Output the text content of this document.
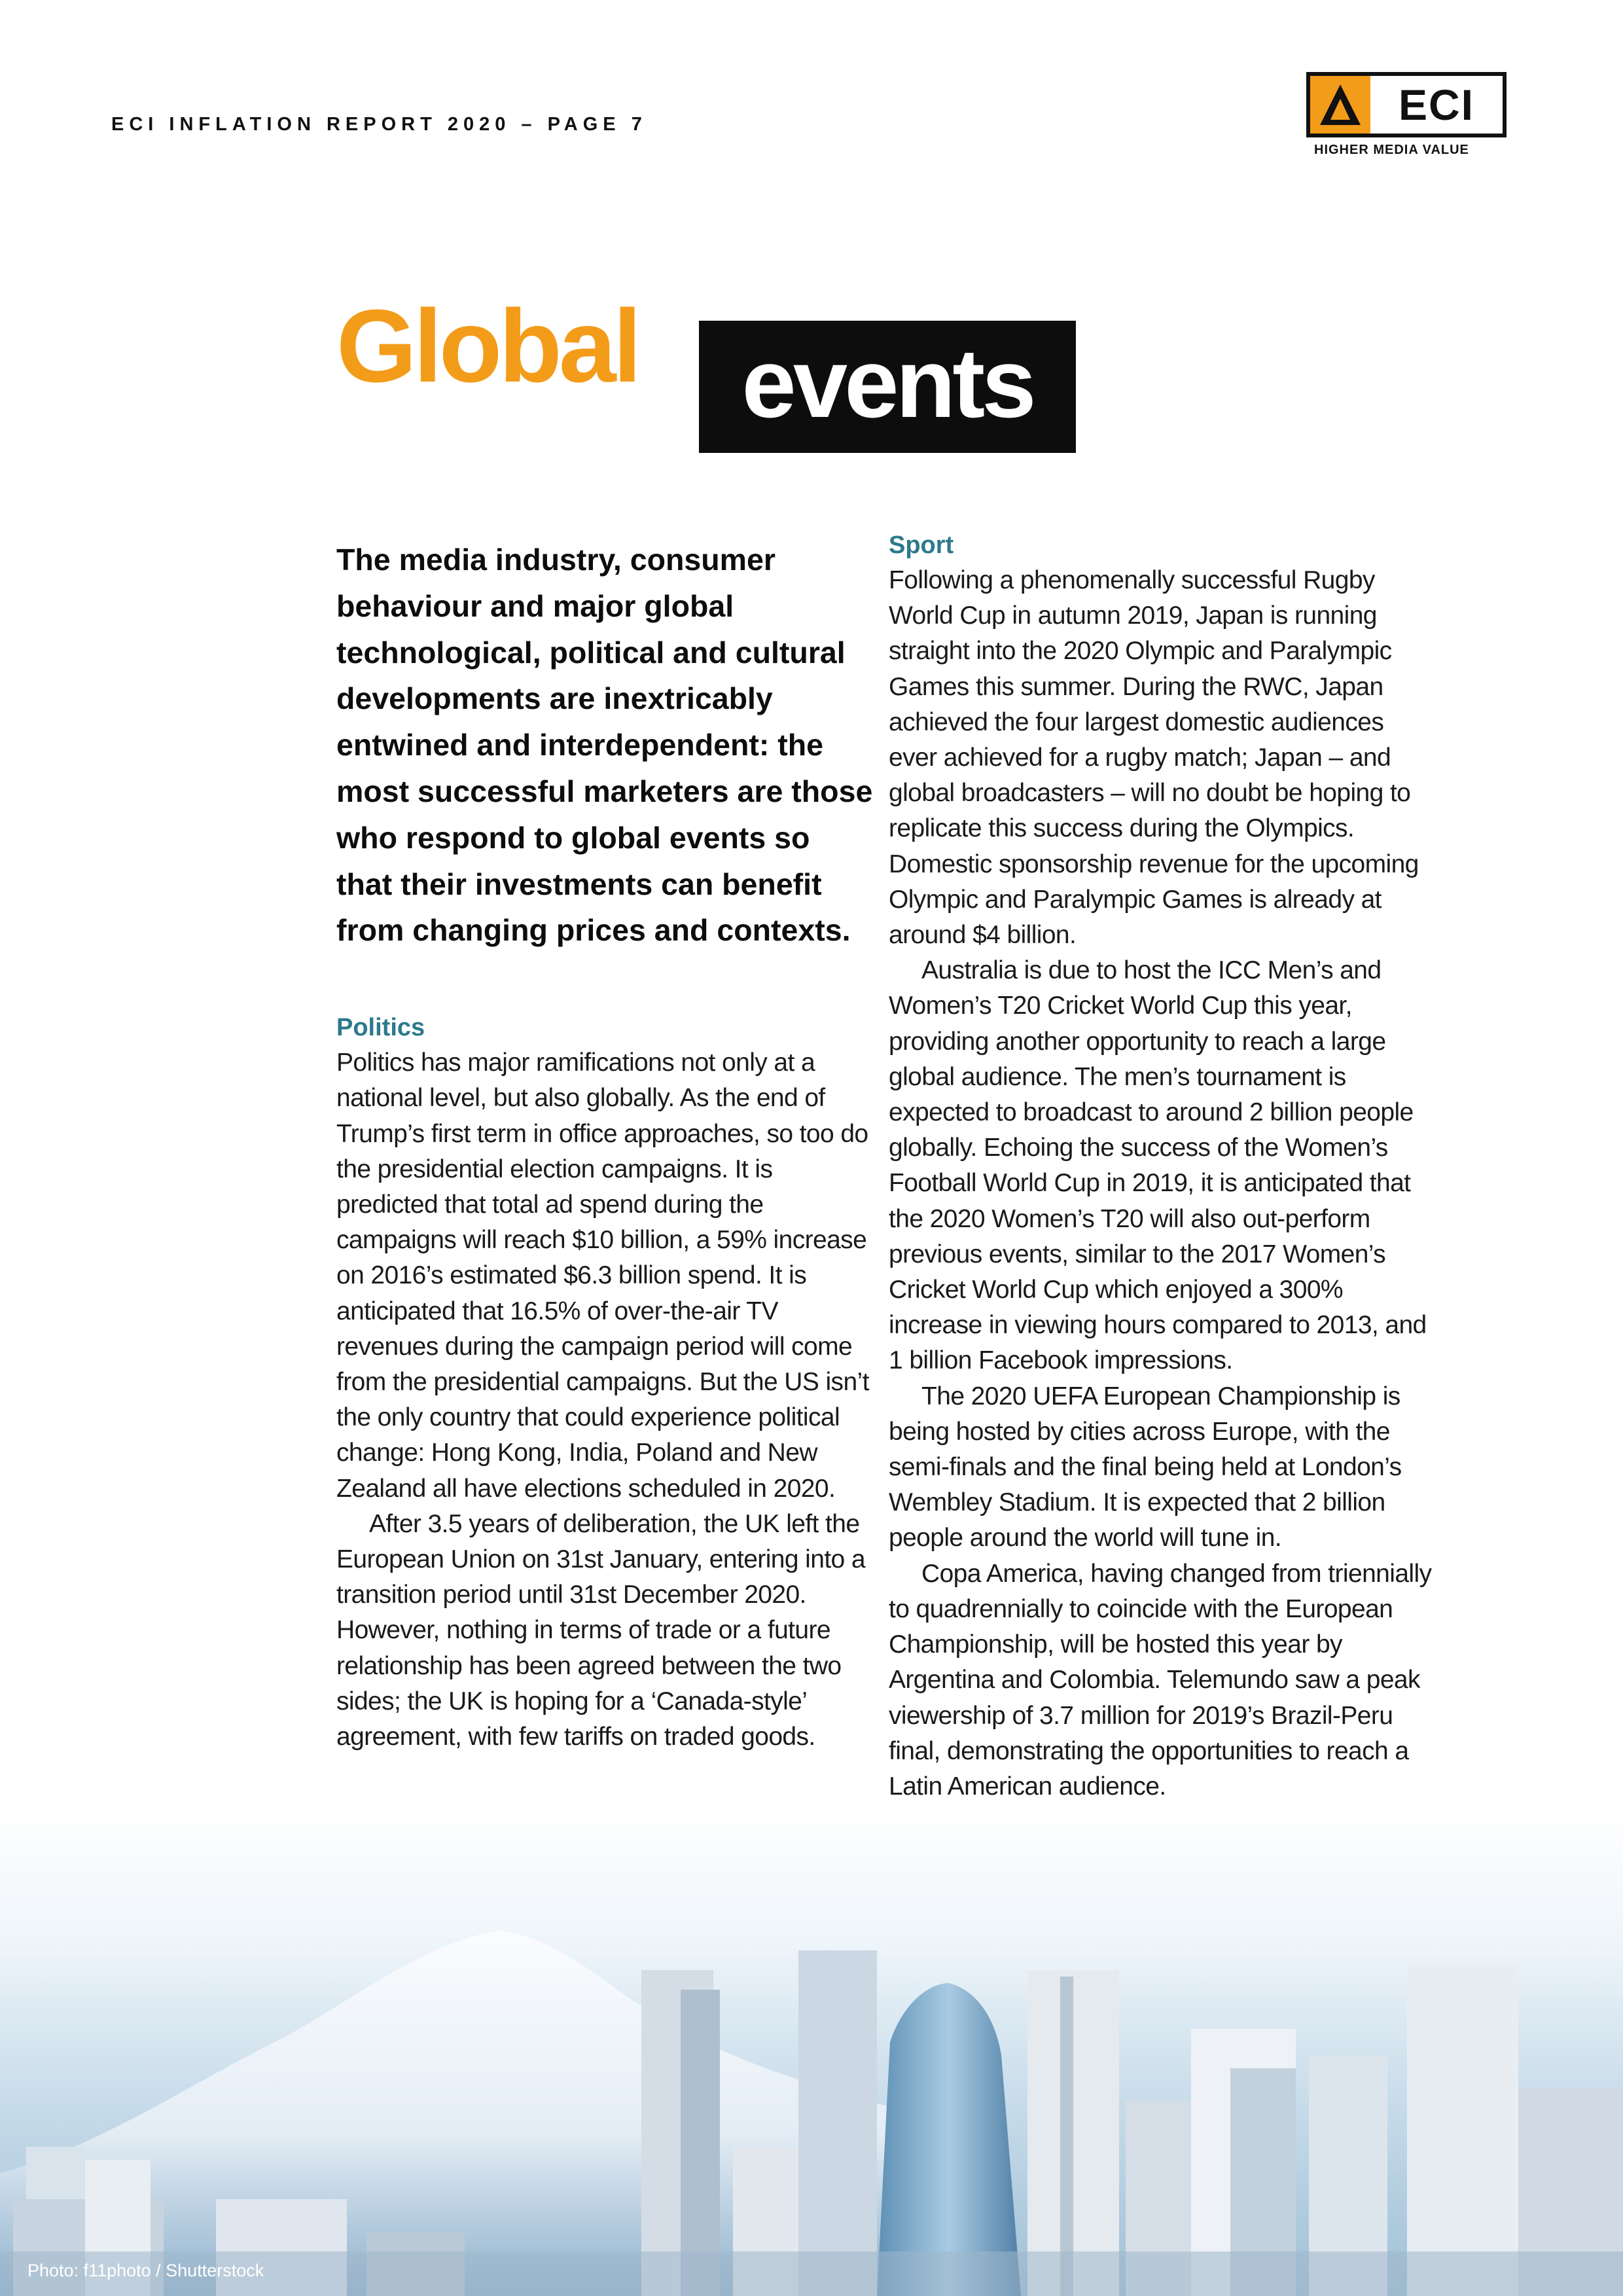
ECI INFLATION REPORT 2020 – PAGE 7	ECI
HIGHER MEDIA VALUE
Global	events

The media industry, consumer behaviour and major global technological, political and cultural developments are inextricably entwined and interdependent: the most successful marketers are those who respond to global events so that their investments can benefit from changing prices and contexts.

Politics

Politics has major ramifications not only at a national level, but also globally. As the end of Trump’s first term in office approaches, so too do the presidential election campaigns. It is predicted that total ad spend during the campaigns will reach $10 billion, a 59% increase on 2016’s estimated $6.3 billion spend. It is anticipated that 16.5% of over-the-air TV revenues during the campaign period will come from the presidential campaigns. But the US isn’t the only country that could experience political change: Hong Kong, India, Poland and New Zealand all have elections scheduled in 2020.

After 3.5 years of deliberation, the UK left the European Union on 31st January, entering into a transition period until 31st December 2020. However, nothing in terms of trade or a future relationship has been agreed between the two sides; the UK is hoping for a ‘Canada-style’ agreement, with few tariffs on traded goods.

Sport

Following a phenomenally successful Rugby World Cup in autumn 2019, Japan is running straight into the 2020 Olympic and Paralympic Games this summer. During the RWC, Japan achieved the four largest domestic audiences ever achieved for a rugby match; Japan – and global broadcasters – will no doubt be hoping to replicate this success during the Olympics. Domestic sponsorship revenue for the upcoming Olympic and Paralympic Games is already at around $4 billion.

Australia is due to host the ICC Men’s and Women’s T20 Cricket World Cup this year, providing another opportunity to reach a large global audience. The men’s tournament is expected to broadcast to around 2 billion people globally. Echoing the success of the Women’s Football World Cup in 2019, it is anticipated that the 2020 Women’s T20 will also out-perform previous events, similar to the 2017 Women’s Cricket World Cup which enjoyed a 300% increase in viewing hours compared to 2013, and 1 billion Facebook impressions.

The 2020 UEFA European Championship is being hosted by cities across Europe, with the semi-finals and the final being held at London’s Wembley Stadium. It is expected that 2 billion people around the world will tune in.

Copa America, having changed from triennially to quadrennially to coincide with the European Championship, will be hosted this year by Argentina and Colombia. Telemundo saw a peak viewership of 3.7 million for 2019’s Brazil-Peru final, demonstrating the opportunities to reach a Latin American audience.

Photo: f11photo / Shutterstock
